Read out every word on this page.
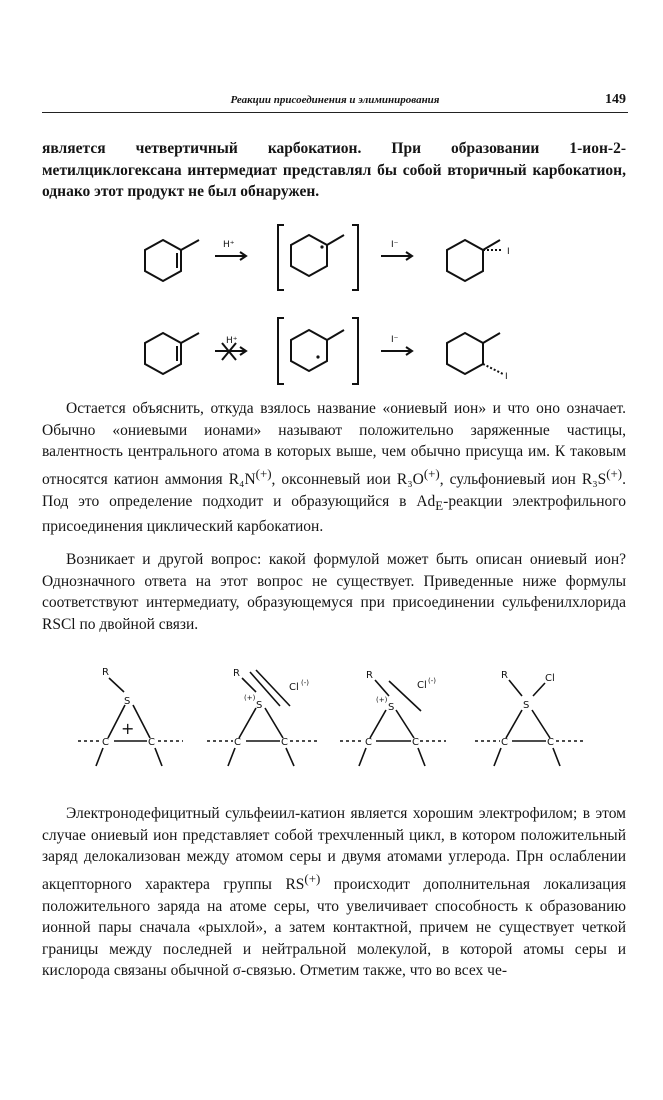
Реакции присоединения и элиминирования	149

является четвертичный карбокатион. При образовании 1-ион-2-метилциклогексана интермедиат представлял бы собой вторичный карбокатион, однако этот продукт не был обнаружен.

H⁺	I⁻
I
H⁺	I⁻
I

Остается объяснить, откуда взялось название «ониевый ион» и что оно означает. Обычно «ониевыми ионами» называют положительно заряженные частицы, валентность центрального атома в которых выше, чем обычно присуща им. К таковым относятся катион аммония R₄N(+), оксонневый иои R₃O(+), сульфониевый ион R₃S(+). Под это определение подходит и образующийся в $Ad_E$-реакции электрофильного присоединения циклический карбокатион.

Возникает и другой вопрос: какой формулой может быть описан ониевый ион? Однозначного ответа на этот вопрос не существует. Приведенные ниже формулы соответствуют интермедиату, образующемуся при присоединении сульфенилхлорида RSCl по двойной связи.

R
S
+
C	C
R
(+)
S
Cl (-)
C	C
R
(+)
S
Cl (-)
C	C
R	Cl
S
C	C

Электронодефицитный сульфеиил-катион является хорошим электрофилом; в этом случае ониевый ион представляет собой трехчленный цикл, в котором положительный заряд делокализован между атомом серы и двумя атомами углерода. Прн ослаблении акцепторного характера группы RS(+) происходит дополнительная локализация положительного заряда на атоме серы, что увеличивает способность к образованию ионной пары сначала «рыхлой», а затем контактной, причем не существует четкой границы между последней и нейтральной молекулой, в которой атомы серы и кислорода связаны обычной σ-связью. Отметим также, что во всех че-
